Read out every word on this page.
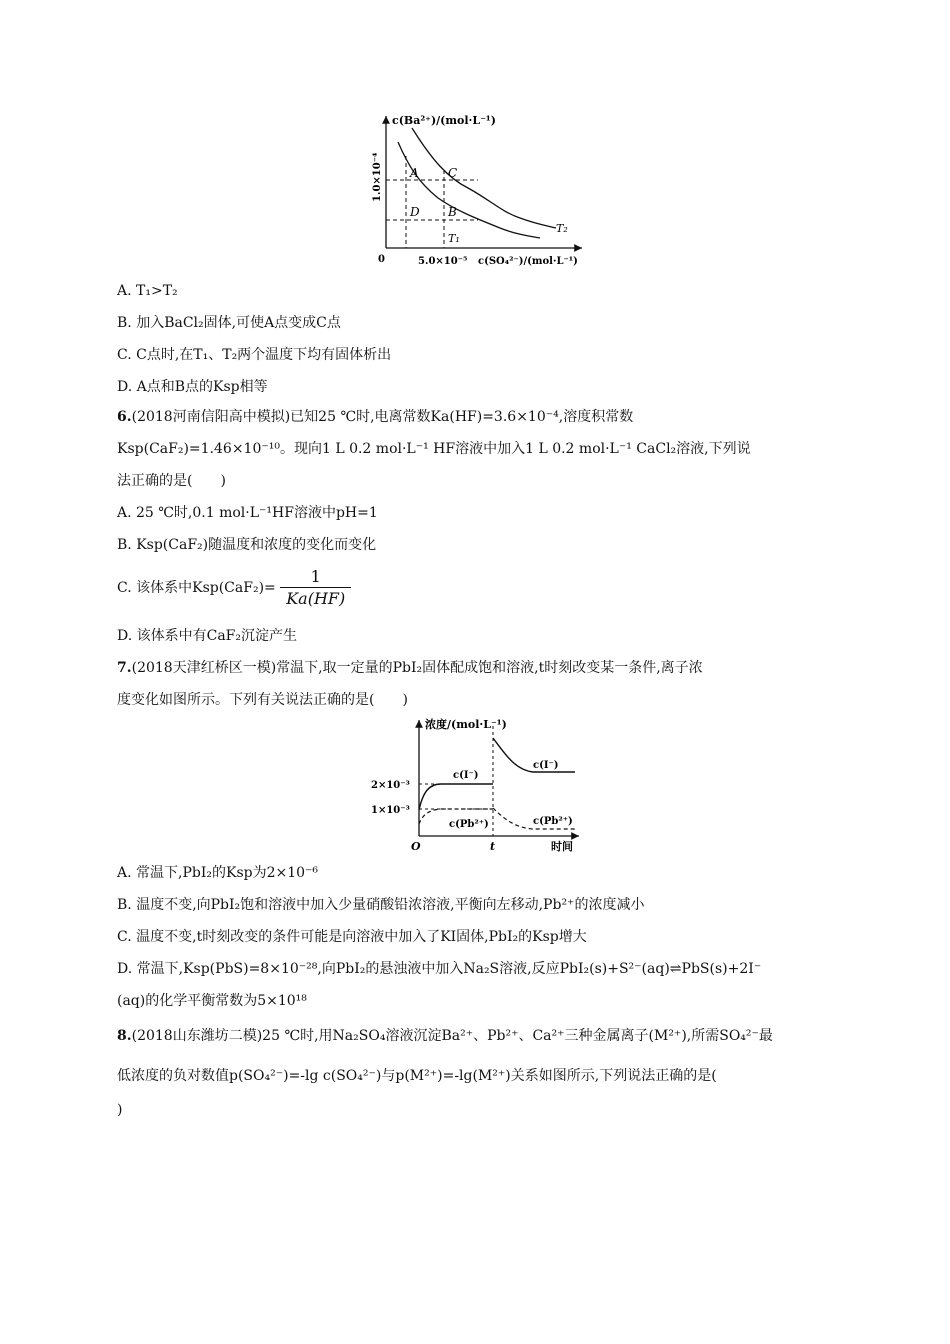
c(Ba²⁺)/(mol·L⁻¹)
1.0×10⁻⁴
0	5.0×10⁻⁵ c(SO₄²⁻)/(mol·L⁻¹)
A C
D B
T₁
T₂
A. T₁>T₂
B. 加入BaCl₂固体,可使A点变成C点
C. C点时,在T₁、T₂两个温度下均有固体析出
D. A点和B点的Ksp相等
6.(2018河南信阳高中模拟)已知25 ℃时,电离常数Ka(HF)=3.6×10⁻⁴,溶度积常数
Ksp(CaF₂)=1.46×10⁻¹⁰。现向1 L 0.2 mol·L⁻¹ HF溶液中加入1 L 0.2 mol·L⁻¹ CaCl₂溶液,下列说
法正确的是(　　)
A. 25 ℃时,0.1 mol·L⁻¹HF溶液中pH=1
B. Ksp(CaF₂)随温度和浓度的变化而变化
C. 该体系中$Ksp(CaF_2)= \frac{1}{Ka(HF)}$
D. 该体系中有CaF₂沉淀产生
7.(2018天津红桥区一模)常温下,取一定量的PbI₂固体配成饱和溶液,t时刻改变某一条件,离子浓
度变化如图所示。下列有关说法正确的是(　　)
浓度/(mol·L⁻¹)
2×10⁻³
1×10⁻³
O	t	时间
c(I⁻)
c(I⁻)
c(Pb²⁺)	c(Pb²⁺)
A. 常温下,PbI₂的Ksp为2×10⁻⁶
B. 温度不变,向PbI₂饱和溶液中加入少量硝酸铅浓溶液,平衡向左移动,Pb²⁺的浓度减小
C. 温度不变,t时刻改变的条件可能是向溶液中加入了KI固体,PbI₂的Ksp增大
D. 常温下,Ksp(PbS)=8×10⁻²⁸,向PbI₂的悬浊液中加入Na₂S溶液,反应PbI₂(s)+S²⁻(aq)⇌PbS(s)+2I⁻
(aq)的化学平衡常数为5×10¹⁸
8.(2018山东潍坊二模)25 ℃时,用Na₂SO₄溶液沉淀Ba²⁺、Pb²⁺、Ca²⁺三种金属离子(M²⁺),所需SO₄²⁻最
低浓度的负对数值p(SO₄²⁻)=-lg c(SO₄²⁻)与p(M²⁺)=-lg(M²⁺)关系如图所示,下列说法正确的是(
)
